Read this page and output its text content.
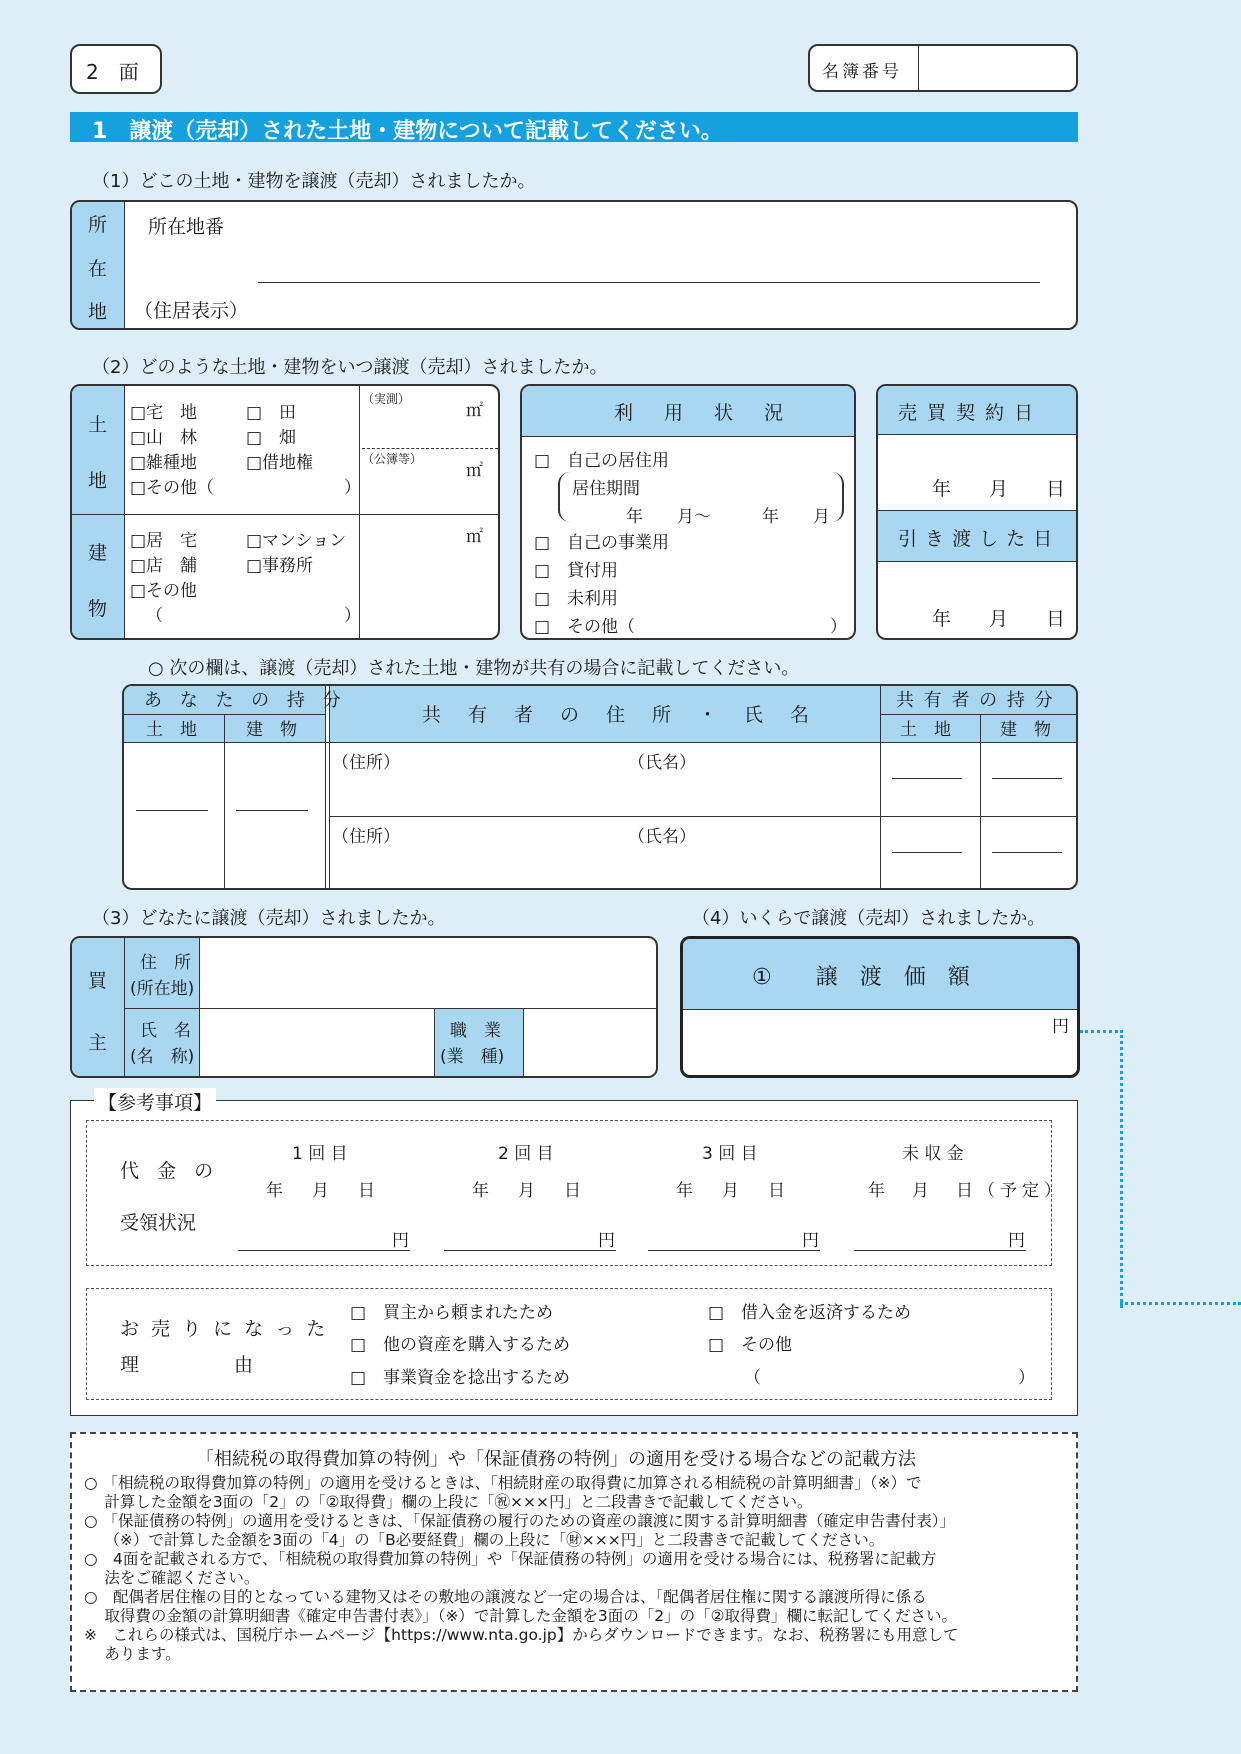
2　面	名簿番号
1　譲渡（売却）された土地・建物について記載してください。
（1）どこの土地・建物を譲渡（売却）されましたか。
所
在
地
所在地番
（住居表示）
（2）どのような土地・建物をいつ譲渡（売却）されましたか。
土
地
建
物
□宅　地	□　田
□山　林	□　畑
□雑種地	□借地権
□その他（	）
（実測）
㎡
（公簿等）
㎡
□居　宅	□マンション
□店　舗	□事務所
□その他
（	）
㎡
利　用　状　況
□　自己の居住用
居住期間
年　　月～　　　年　　月
□　自己の事業用
□　貸付用
□　未利用
□　その他（	）
売 買 契 約 日
年　　月　　日
引 き 渡 し た 日
年　　月　　日
○ 次の欄は、譲渡（売却）された土地・建物が共有の場合に記載してください。
あ な た の 持 分
土　地	建　物
共　有　者　の　住　所　・　氏　名
共 有 者 の 持 分
土　地	建　物
（住所）	（氏名）
（住所）	（氏名）
（3）どなたに譲渡（売却）されましたか。
買
主
住　所
(所在地)
氏　名
(名　称)
職　業
(業　種)
（4）いくらで譲渡（売却）されましたか。
①　　譲　渡　価　額
円
【参考事項】
代 金 の
受領状況
1 回 目	2 回 目	3 回 目	未 収 金
年　月　日	年　月　日	年　月　日	年　月　日（予定）
円	円	円	円
お 売 り に な っ た
理　　　　　由
□　買主から頼まれたため
□　他の資産を購入するため
□　事業資金を捻出するため
□　借入金を返済するため
□　その他
（	）
「相続税の取得費加算の特例」や「保証債務の特例」の適用を受ける場合などの記載方法
○ 「相続税の取得費加算の特例」の適用を受けるときは、「相続財産の取得費に加算される相続税の計算明細書」（※）で
　 計算した金額を3面の「2」の「②取得費」欄の上段に「㊗×××円」と二段書きで記載してください。
○ 「保証債務の特例」の適用を受けるときは、「保証債務の履行のための資産の譲渡に関する計算明細書（確定申告書付表）」
　 （※）で計算した金額を3面の「4」の「B必要経費」欄の上段に「㊖×××円」と二段書きで記載してください。
○　4面を記載される方で、「相続税の取得費加算の特例」や「保証債務の特例」の適用を受ける場合には、税務署に記載方
　 法をご確認ください。
○　配偶者居住権の目的となっている建物又はその敷地の譲渡など一定の場合は、「配偶者居住権に関する譲渡所得に係る
　 取得費の金額の計算明細書《確定申告書付表》」（※）で計算した金額を3面の「2」の「②取得費」欄に転記してください。
※　これらの様式は、国税庁ホームページ【https://www.nta.go.jp】からダウンロードできます。なお、税務署にも用意して
　 あります。
